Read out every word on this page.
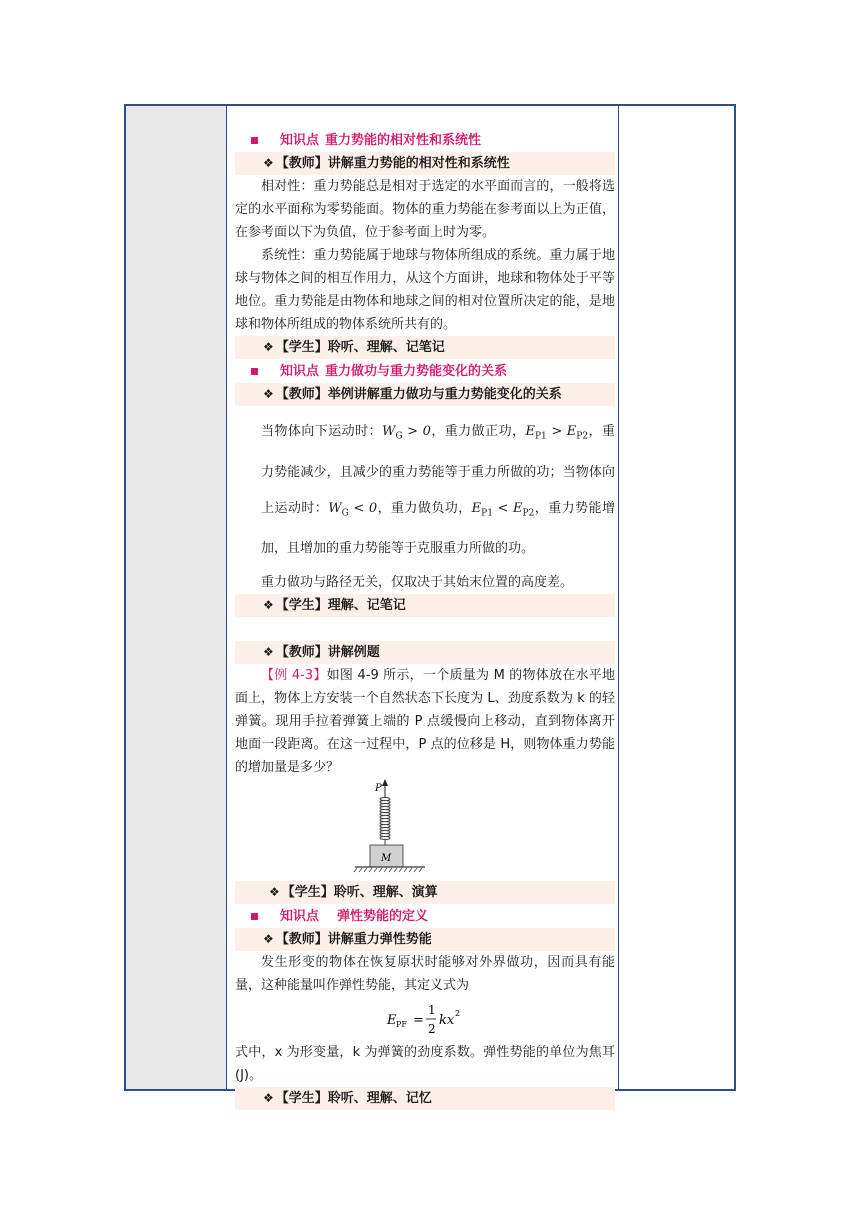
知识点 重力势能的相对性和系统性
❖ 【教师】讲解重力势能的相对性和系统性

相对性：重力势能总是相对于选定的水平面而言的，一般将选定的水平面称为零势能面。物体的重力势能在参考面以上为正值，在参考面以下为负值，位于参考面上时为零。

系统性：重力势能属于地球与物体所组成的系统。重力属于地球与物体之间的相互作用力，从这个方面讲，地球和物体处于平等地位。重力势能是由物体和地球之间的相对位置所决定的能，是地球和物体所组成的物体系统所共有的。

❖ 【学生】聆听、理解、记笔记
知识点 重力做功与重力势能变化的关系
❖ 【教师】举例讲解重力做功与重力势能变化的关系

当物体向下运动时：$W_G > 0$，重力做正功，$E_{P1} > E_{P2}$，重力势能减少，且减少的重力势能等于重力所做的功；当物体向上运动时：$W_G < 0$，重力做负功，$E_{P1} < E_{P2}$，重力势能增加，且增加的重力势能等于克服重力所做的功。

重力做功与路径无关，仅取决于其始末位置的高度差。

❖ 【学生】理解、记笔记
❖ 【教师】讲解例题

【例 4-3】如图 4-9 所示，一个质量为 M 的物体放在水平地面上，物体上方安装一个自然状态下长度为 L、劲度系数为 k 的轻弹簧。现用手拉着弹簧上端的 P 点缓慢向上移动，直到物体离开地面一段距离。在这一过程中，P 点的位移是 H，则物体重力势能的增加量是多少？

P
M
❖ 【学生】聆听、理解、演算
知识点 弹性势能的定义
❖ 【教师】讲解重力弹性势能

发生形变的物体在恢复原状时能够对外界做功，因而具有能量，这种能量叫作弹性势能，其定义式为

E PF =
1
2
kx 2

式中，x 为形变量，k 为弹簧的劲度系数。弹性势能的单位为焦耳 (J)。

❖ 【学生】聆听、理解、记忆
